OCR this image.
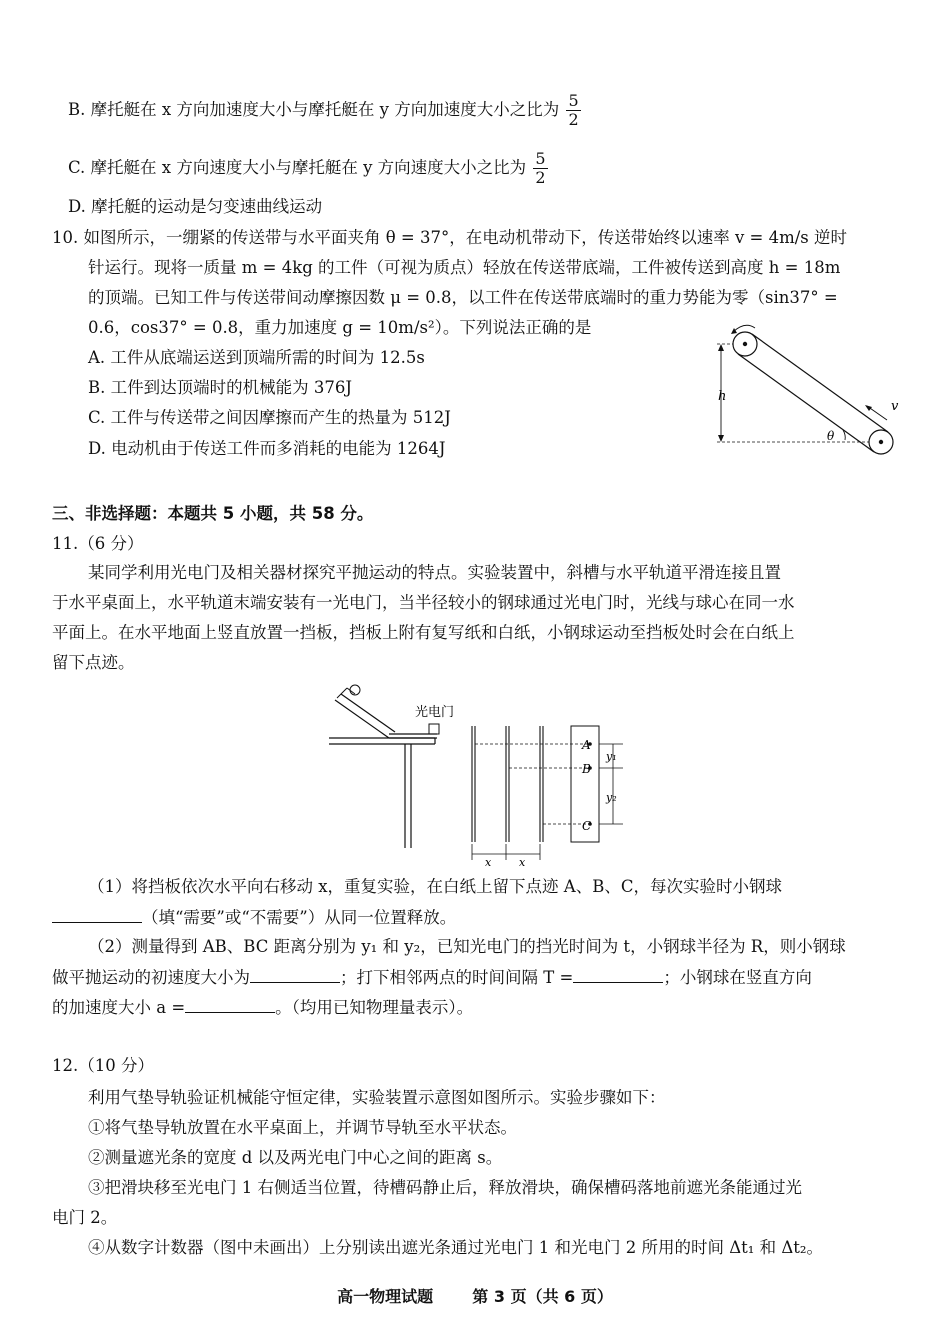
B. 摩托艇在 x 方向加速度大小与摩托艇在 y 方向加速度大小之比为 $\frac{5}{2}$
C. 摩托艇在 x 方向速度大小与摩托艇在 y 方向速度大小之比为 $\frac{5}{2}$
D. 摩托艇的运动是匀变速曲线运动
10. 如图所示，一绷紧的传送带与水平面夹角 θ = 37°，在电动机带动下，传送带始终以速率 v = 4m/s 逆时
针运行。现将一质量 m = 4kg 的工件（可视为质点）轻放在传送带底端，工件被传送到高度 h = 18m
的顶端。已知工件与传送带间动摩擦因数 μ = 0.8，以工件在传送带底端时的重力势能为零（sin37° =
0.6，cos37° = 0.8，重力加速度 g = 10m/s²）。下列说法正确的是
A. 工件从底端运送到顶端所需的时间为 12.5s
B. 工件到达顶端时的机械能为 376J
C. 工件与传送带之间因摩擦而产生的热量为 512J
D. 电动机由于传送工件而多消耗的电能为 1264J
v
h
θ
三、非选择题：本题共 5 小题，共 58 分。
11.（6 分）
某同学利用光电门及相关器材探究平抛运动的特点。实验装置中，斜槽与水平轨道平滑连接且置
于水平桌面上，水平轨道末端安装有一光电门，当半径较小的钢球通过光电门时，光线与球心在同一水
平面上。在水平地面上竖直放置一挡板，挡板上附有复写纸和白纸，小钢球运动至挡板处时会在白纸上
留下点迹。
光电门
A
B
C
y₁
y₂
x	x
（1）将挡板依次水平向右移动 x，重复实验，在白纸上留下点迹 A、B、C，每次实验时小钢球
（填“需要”或“不需要”）从同一位置释放。
（2）测量得到 AB、BC 距离分别为 y₁ 和 y₂，已知光电门的挡光时间为 t，小钢球半径为 R，则小钢球
做平抛运动的初速度大小为	；打下相邻两点的时间间隔 T =	；小钢球在竖直方向
的加速度大小 a =	。（均用已知物理量表示）。
12.（10 分）
利用气垫导轨验证机械能守恒定律，实验装置示意图如图所示。实验步骤如下：
①将气垫导轨放置在水平桌面上，并调节导轨至水平状态。
②测量遮光条的宽度 d 以及两光电门中心之间的距离 s。
③把滑块移至光电门 1 右侧适当位置，待槽码静止后，释放滑块，确保槽码落地前遮光条能通过光
电门 2。
④从数字计数器（图中未画出）上分别读出遮光条通过光电门 1 和光电门 2 所用的时间 Δt₁ 和 Δt₂。
高一物理试题 第 3 页（共 6 页）
